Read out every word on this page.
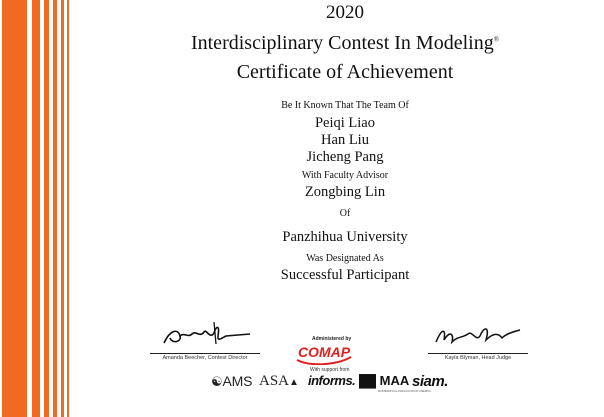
2020
Interdisciplinary Contest In Modeling®
Certificate of Achievement
Be It Known That The Team Of
Peiqi Liao
Han Liu
Jicheng Pang
With Faculty Advisor
Zongbing Lin
Of
Panzhihua University
Was Designated As
Successful Participant
Amanda Beecher, Contest Director	Kayla Blyman, Head Judge
Administered by
COMAP
With support from
☯AMS ASA▲ informs. ██ MAA
MATHEMATICAL ASSOCIATION OF AMERICA
siam.
